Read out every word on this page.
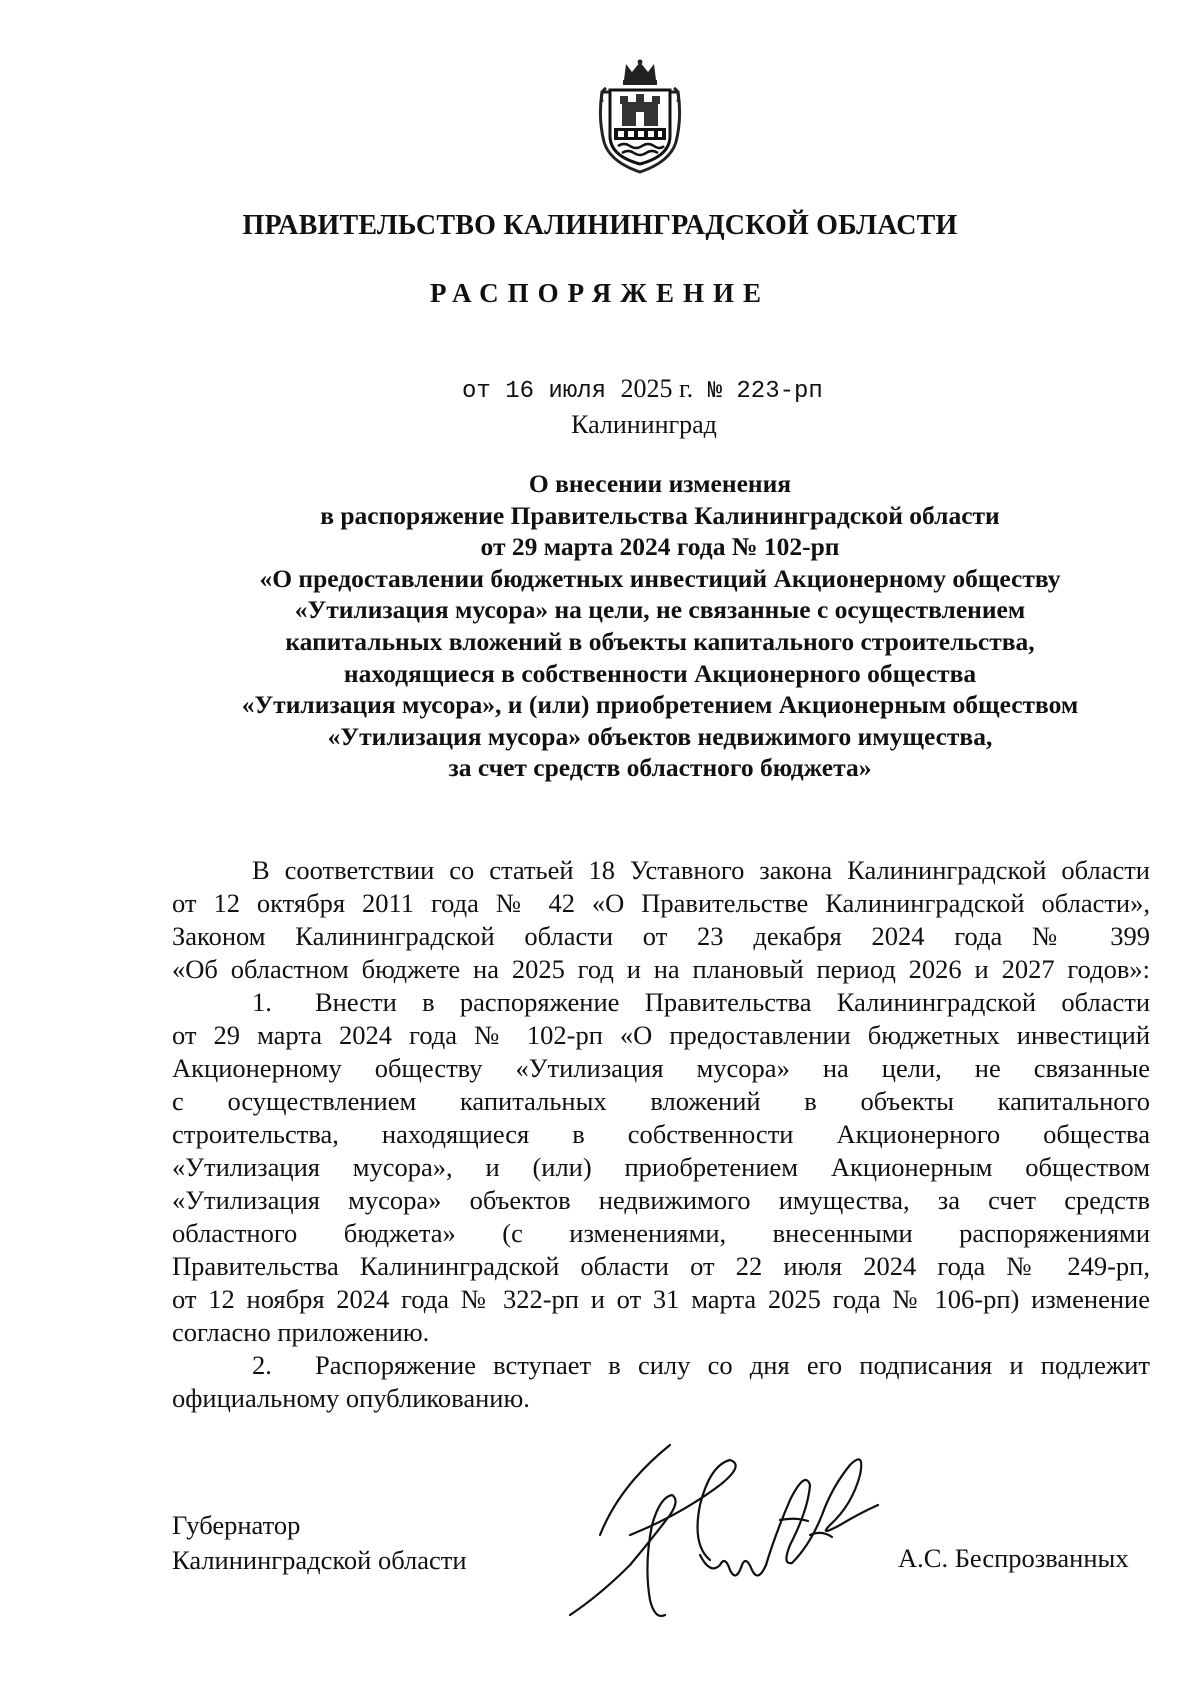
ПРАВИТЕЛЬСТВО КАЛИНИНГРАДСКОЙ ОБЛАСТИ
РАСПОРЯЖЕНИЕ
от 16 июля 2025 г. № 223-рп
Калининград
О внесении изменения
в распоряжение Правительства Калининградской области
от 29 марта 2024 года № 102-рп
«О предоставлении бюджетных инвестиций Акционерному обществу
«Утилизация мусора» на цели, не связанные с осуществлением
капитальных вложений в объекты капитального строительства,
находящиеся в собственности Акционерного общества
«Утилизация мусора», и (или) приобретением Акционерным обществом
«Утилизация мусора» объектов недвижимого имущества,
за счет средств областного бюджета»
В соответствии со статьей 18 Уставного закона Калининградской области
от 12 октября 2011 года № 42 «О Правительстве Калининградской области»,
Законом Калининградской области от 23 декабря 2024 года № 399
«Об областном бюджете на 2025 год и на плановый период 2026 и 2027 годов»:
1. Внести в распоряжение Правительства Калининградской области
от 29 марта 2024 года № 102-рп «О предоставлении бюджетных инвестиций
Акционерному обществу «Утилизация мусора» на цели, не связанные
с осуществлением капитальных вложений в объекты капитального
строительства, находящиеся в собственности Акционерного общества
«Утилизация мусора», и (или) приобретением Акционерным обществом
«Утилизация мусора» объектов недвижимого имущества, за счет средств
областного бюджета» (с изменениями, внесенными распоряжениями
Правительства Калининградской области от 22 июля 2024 года № 249-рп,
от 12 ноября 2024 года № 322-рп и от 31 марта 2025 года № 106-рп) изменение
согласно приложению.
2. Распоряжение вступает в силу со дня его подписания и подлежит
официальному опубликованию.
Губернатор
Калининградской области	А.С. Беспрозванных
